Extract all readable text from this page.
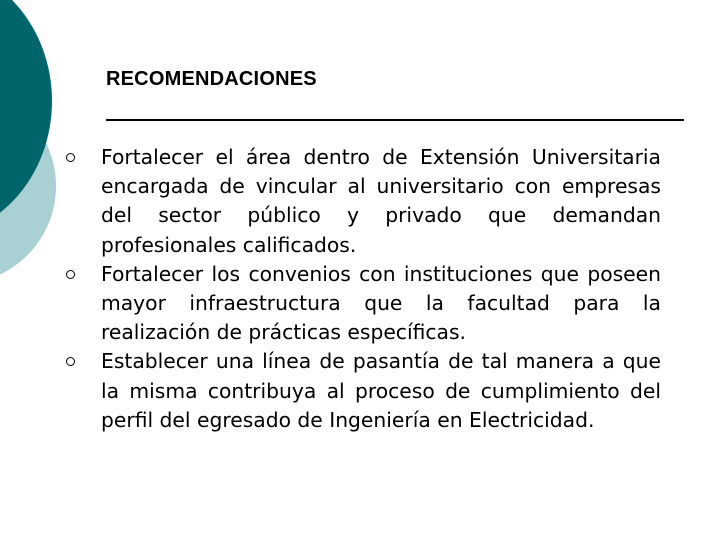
RECOMENDACIONES
Fortalecer el área dentro de Extensión Universitaria encargada de vincular al universitario con empresas del sector público y privado que demandan profesionales calificados.
Fortalecer los convenios con instituciones que poseen mayor infraestructura que la facultad para la realización de prácticas específicas.
Establecer una línea de pasantía de tal manera a que la misma contribuya al proceso de cumplimiento del perfil del egresado de Ingeniería en Electricidad.
